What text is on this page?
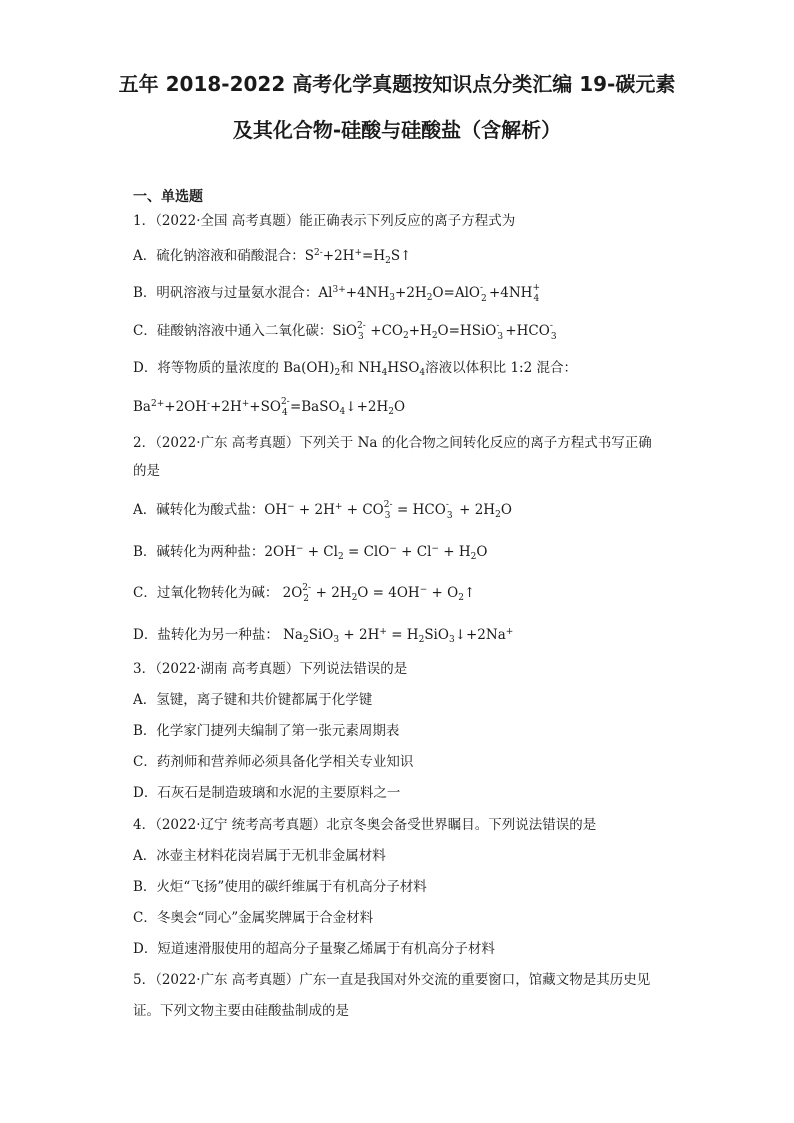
五年 2018-2022 高考化学真题按知识点分类汇编 19-碳元素
及其化合物-硅酸与硅酸盐（含解析）
一、单选题
1．（2022·全国 高考真题）能正确表示下列反应的离子方程式为
A．硫化钠溶液和硝酸混合：$S^{2-}+2H^+=H_2S↑$
B．明矾溶液与过量氨水混合：$Al^{3+}+4NH_3+2H_2O=AlO$ 2
- +4NH 4
+
C．硅酸钠溶液中通入二氧化碳：SiO 3
$2- +CO_2+H_2O=HSiO$ 3
- +HCO 3
-
D．将等物质的量浓度的 $Ba(OH)_2$和 $NH_4HSO_4$溶液以体积比 1:2 混合：
$Ba^{2+}+2OH^-+2H^++SO$ 4
$2- =BaSO_4↓+2H_2O$
2．（2022·广东 高考真题）下列关于 Na 的化合物之间转化反应的离子方程式书写正确
的是
A．碱转化为酸式盐：OH− + 2H+ + CO 3
2- = HCO 3
- + $2H_2O$
B．碱转化为两种盐：$2OH^- + Cl_2 = ClO^- + Cl^- + H_2O$
C．过氧化物转化为碱： 2O 2
$2- + 2H_2O = 4OH^-$ + $O_2↑$
D．盐转化为另一种盐： $Na_2SiO_3 + 2H^+$ = $H_2SiO_3↓+2Na^+$
3．（2022·湖南 高考真题）下列说法错误的是
A．氢键，离子键和共价键都属于化学键
B．化学家门捷列夫编制了第一张元素周期表
C．药剂师和营养师必须具备化学相关专业知识
D．石灰石是制造玻璃和水泥的主要原料之一
4．（2022·辽宁 统考高考真题）北京冬奥会备受世界瞩目。下列说法错误的是
A．冰壶主材料花岗岩属于无机非金属材料
B．火炬“飞扬”使用的碳纤维属于有机高分子材料
C．冬奥会“同心”金属奖牌属于合金材料
D．短道速滑服使用的超高分子量聚乙烯属于有机高分子材料
5．（2022·广东 高考真题）广东一直是我国对外交流的重要窗口，馆藏文物是其历史见
证。下列文物主要由硅酸盐制成的是
